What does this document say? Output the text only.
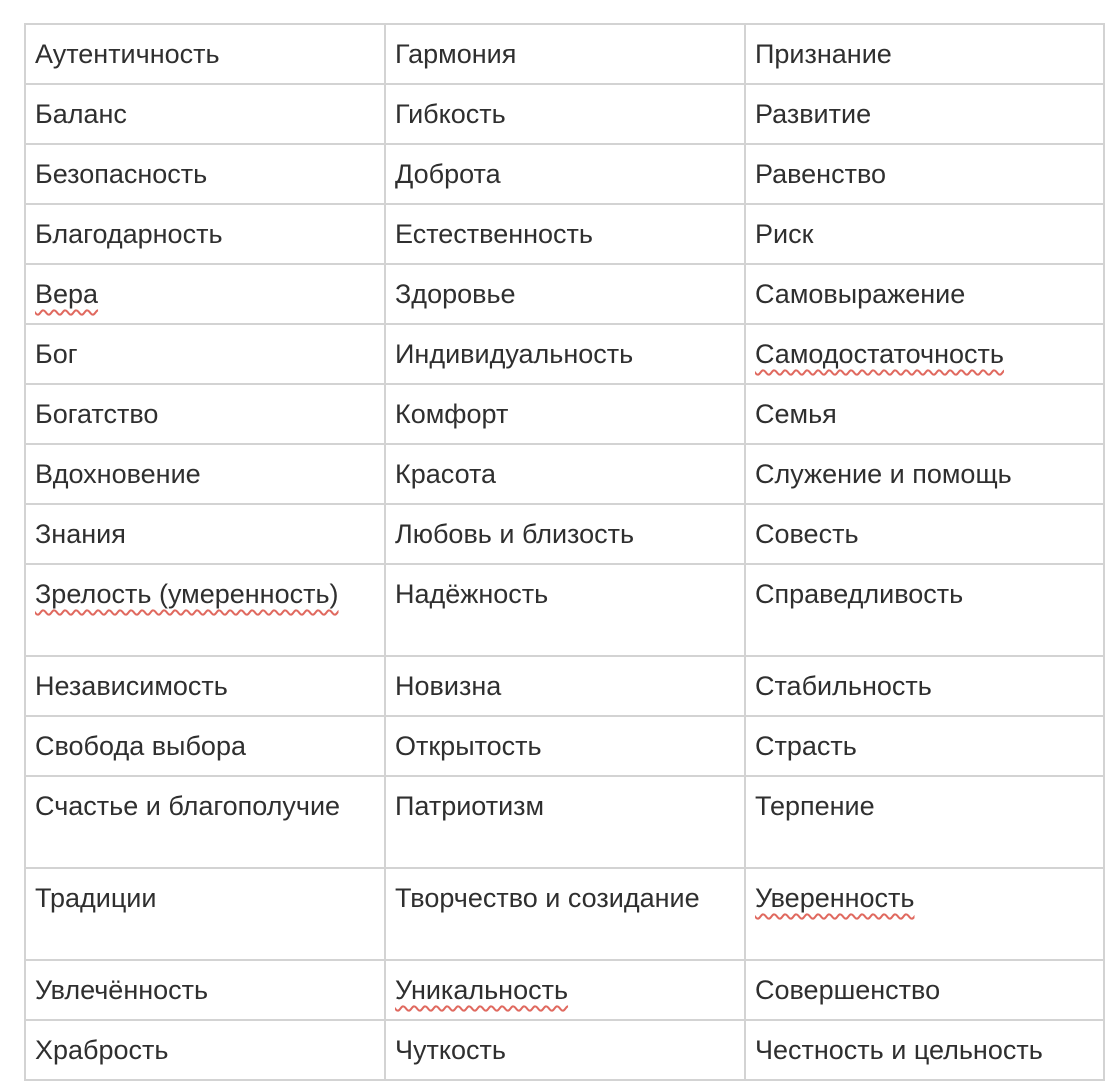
Аутентичность	Гармония	Признание
Баланс	Гибкость	Развитие
Безопасность	Доброта	Равенство
Благодарность	Естественность	Риск
Вера	Здоровье	Самовыражение
Бог	Индивидуальность	Самодостаточность
Богатство	Комфорт	Семья
Вдохновение	Красота	Служение и помощь
Знания	Любовь и близость	Совесть
Зрелость (умеренность)	Надёжность	Справедливость
Независимость	Новизна	Стабильность
Свобода выбора	Открытость	Страсть
Счастье и благополучие	Патриотизм	Терпение
Традиции	Творчество и созидание	Уверенность
Увлечённость	Уникальность	Совершенство
Храбрость	Чуткость	Честность и цельность
